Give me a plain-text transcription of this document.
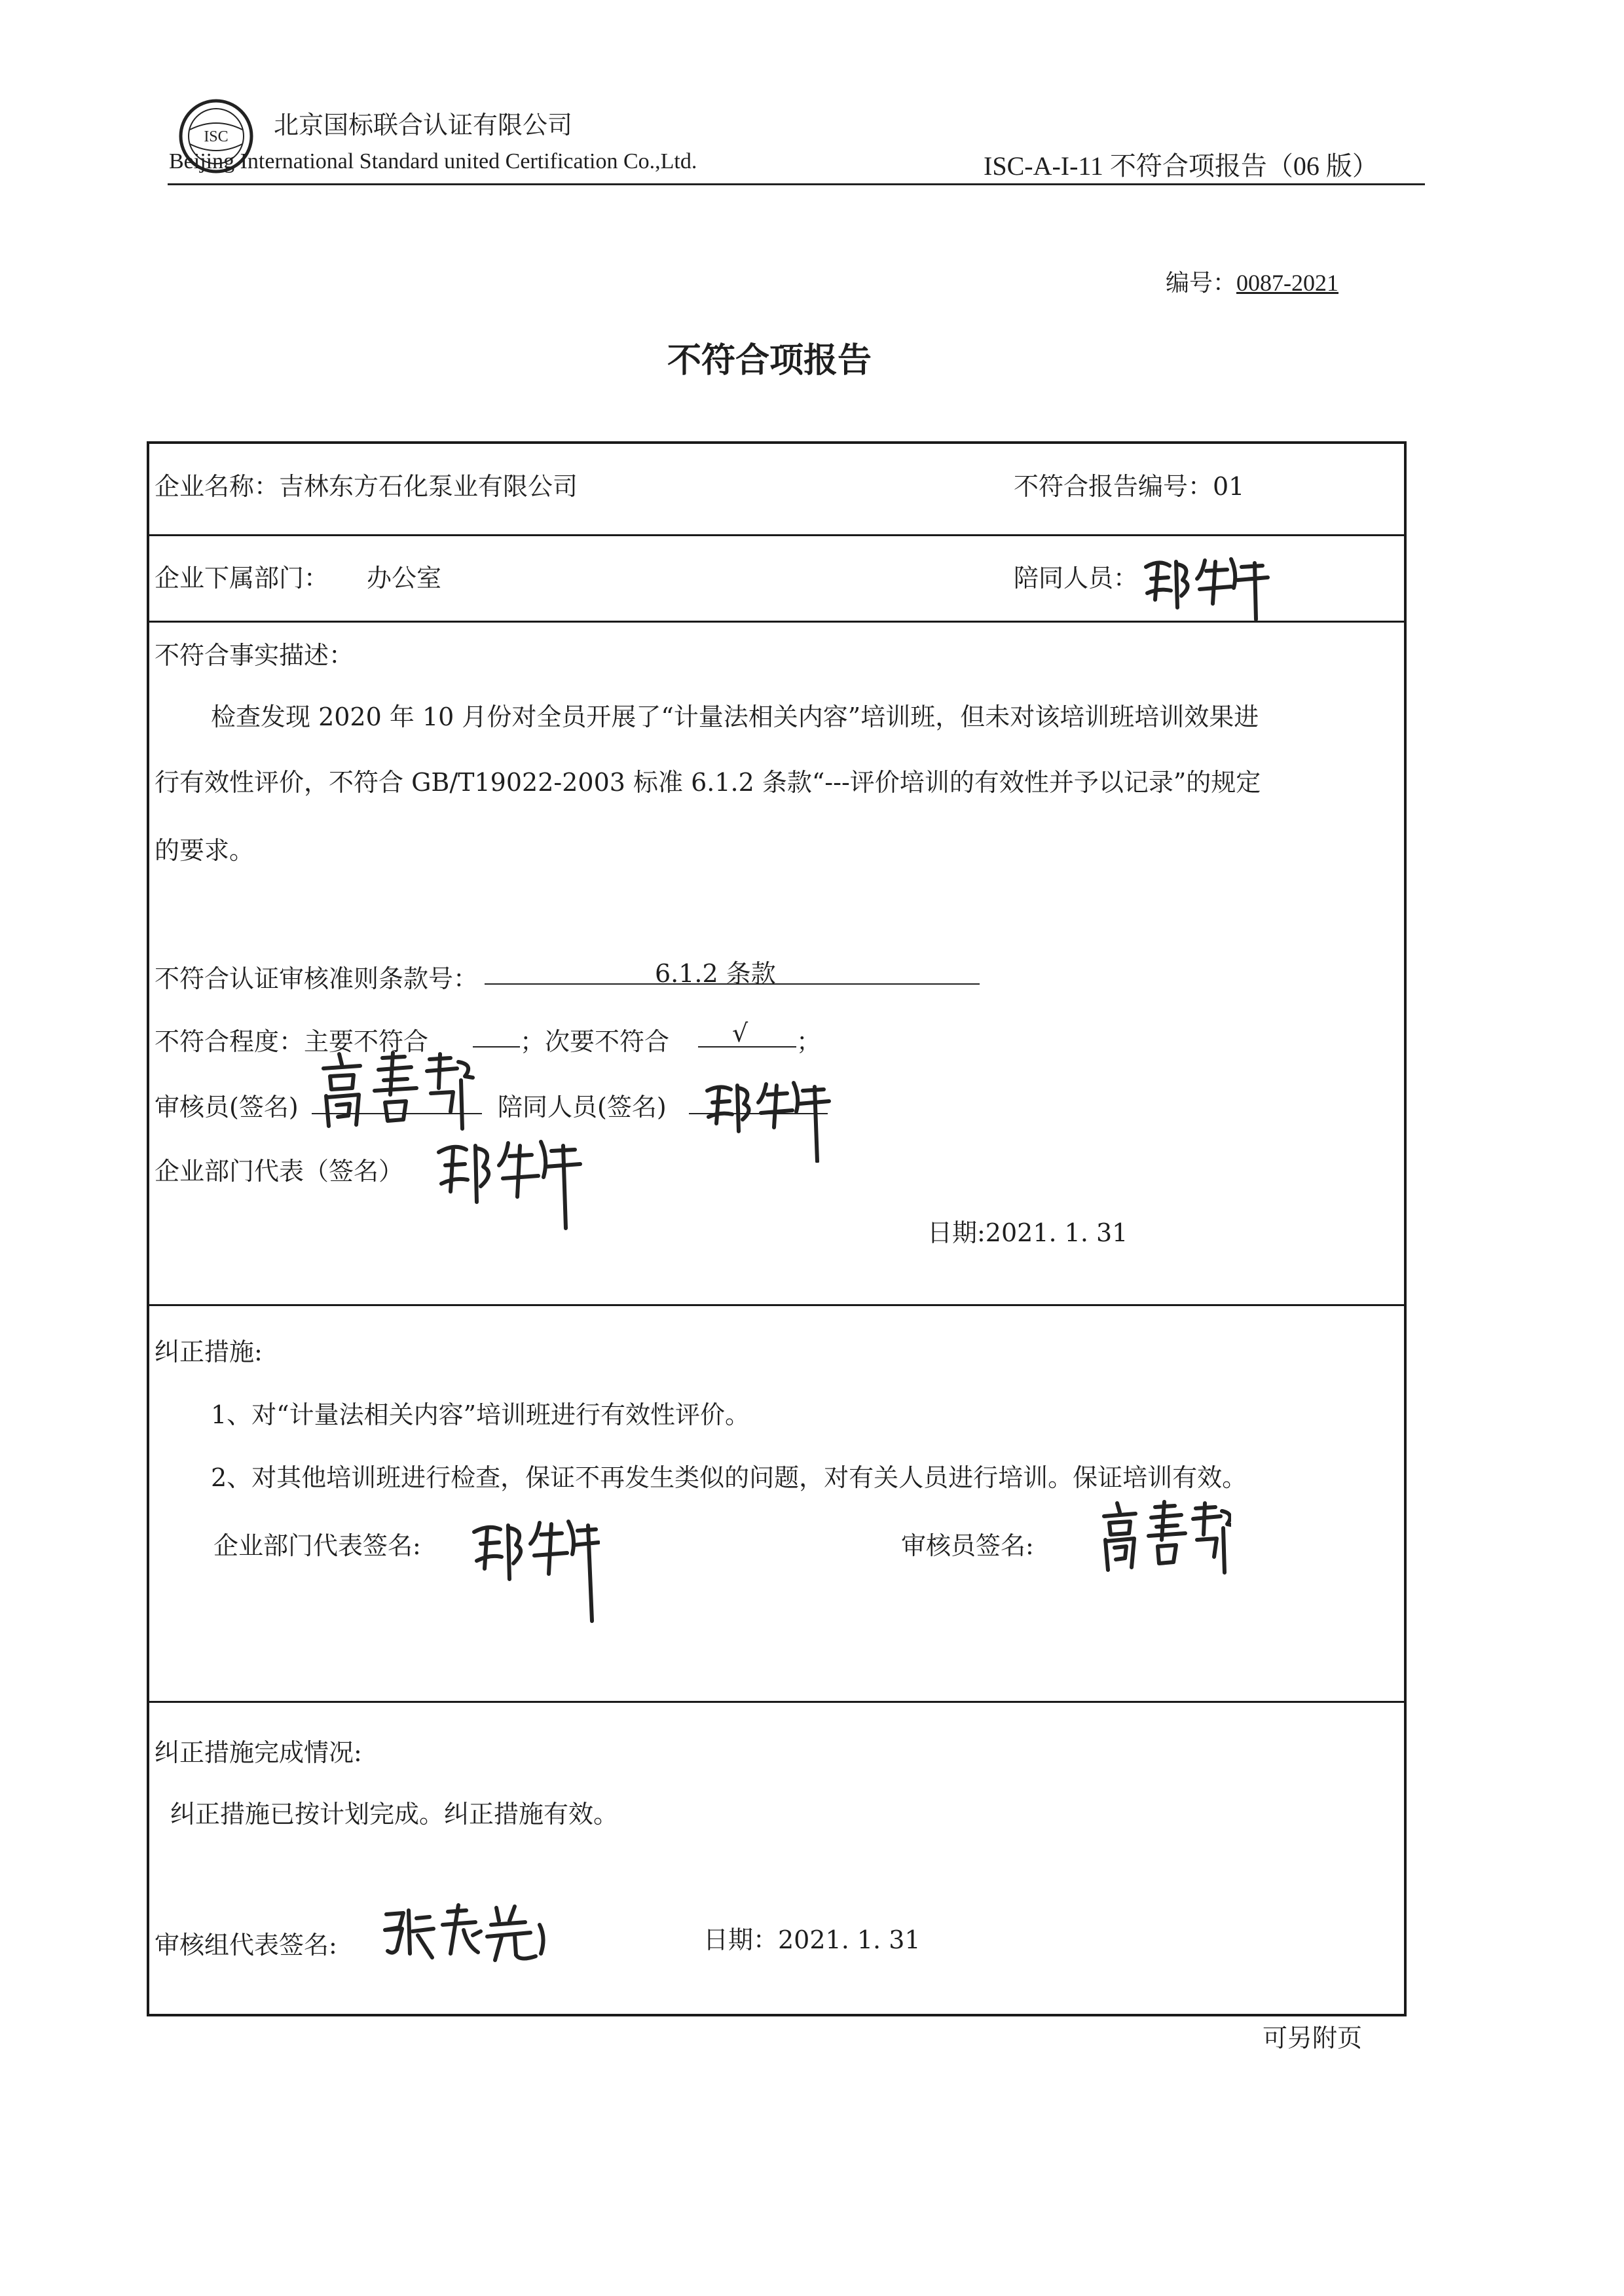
ISC 北京国标联合认证有限公司
Beijing International Standard united Certification Co.,Ltd.	ISC-A-I-11 不符合项报告（06 版）
编号：0087-2021
不符合项报告
企业名称：吉林东方石化泵业有限公司	不符合报告编号：01
企业下属部门： 办公室	陪同人员：
不符合事实描述：
检查发现 2020 年 10 月份对全员开展了“计量法相关内容”培训班，但未对该培训班培训效果进
行有效性评价，不符合 GB/T19022-2003 标准 6.1.2 条款“---评价培训的有效性并予以记录”的规定
的要求。
不符合认证审核准则条款号：	6.1.2 条款
不符合程度：主要不符合	；次要不符合	√ ；
审核员(签名)	陪同人员(签名)
企业部门代表（签名）
日期:2021. 1. 31
纠正措施:
1、对“计量法相关内容”培训班进行有效性评价。
2、对其他培训班进行检查，保证不再发生类似的问题，对有关人员进行培训。保证培训有效。
企业部门代表签名:	审核员签名:
纠正措施完成情况:
纠正措施已按计划完成。纠正措施有效。
审核组代表签名:	日期：2021. 1. 31
可另附页
